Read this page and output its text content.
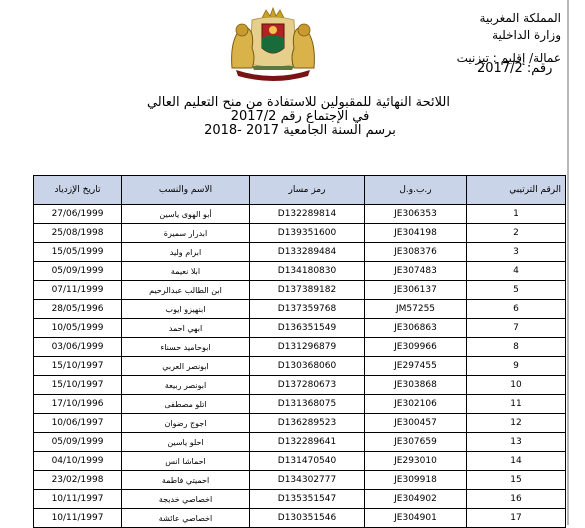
المملكة المغربية
وزارة الداخلية
عمالة/ إقليم : تيزنيت
رقم: 2017/2
اللائحة النهائية للمقبولين للاستفادة من منح التعليم العالي
في الإجتماع رقم 2017/2
برسم السنة الجامعية 2017 -2018
الرقم الترتيبي	ر.ب.و.ل	رمز مسار	الاسم والنسب	تاريخ الإزدياد
1	JE306353	D132289814	أبو الهوى ياسين	27/06/1999
2	JE304198	D139351600	ابدرار سميرة	25/08/1998
3	JE308376	D133289484	ابرام وليد	15/05/1999
4	JE307483	D134180830	ابلا نعيمة	05/09/1999
5	JE306137	D137389182	ابن الطالب عبدالرحيم	07/11/1999
6	JM57255	D137359768	ابنهيزو ايوب	28/05/1996
7	JE306863	D136351549	ابهي احمد	10/05/1999
8	JE309966	D131296879	ابوحاميد حسناء	03/06/1999
9	JE297455	D130368060	ابونصر العربي	15/10/1997
10	JE303868	D137280673	ابونصر ربيعة	15/10/1997
11	JE302106	D131368075	اتلو مصطفى	17/10/1996
12	JE300457	D136289523	اجوج رضوان	10/06/1997
13	JE307659	D132289641	احلو ياسين	05/09/1999
14	JE293010	D131470540	احماشا انس	04/10/1999
15	JE309918	D134302777	احميتي فاطمة	23/02/1998
16	JE304902	D135351547	اخصاصي خديجة	10/11/1997
17	JE304901	D130351546	اخصاصي عائشة	10/11/1997
